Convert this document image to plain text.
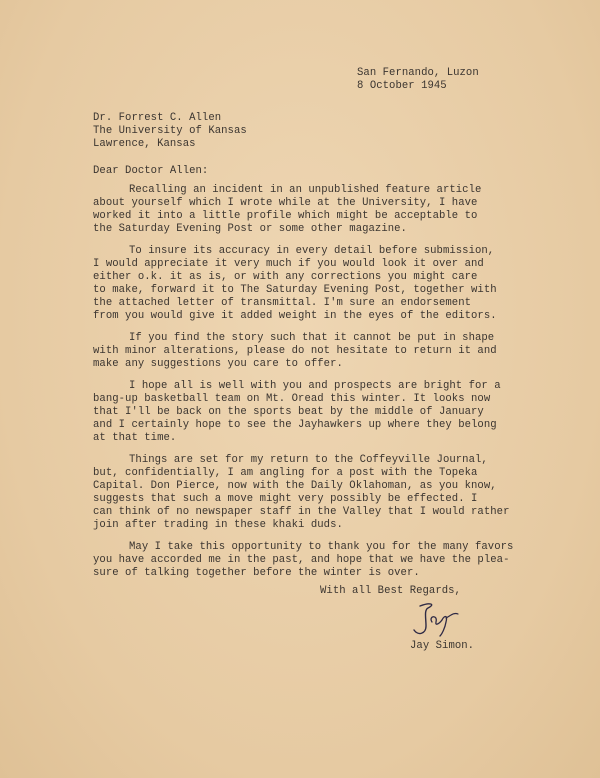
San Fernando, Luzon
8 October 1945
Dr. Forrest C. Allen
The University of Kansas
Lawrence, Kansas
Dear Doctor Allen:
Recalling an incident in an unpublished feature article
about yourself which I wrote while at the University, I have
worked it into a little profile which might be acceptable to
the Saturday Evening Post or some other magazine.
To insure its accuracy in every detail before submission,
I would appreciate it very much if you would look it over and
either o.k. it as is, or with any corrections you might care
to make, forward it to The Saturday Evening Post, together with
the attached letter of transmittal. I'm sure an endorsement
from you would give it added weight in the eyes of the editors.
If you find the story such that it cannot be put in shape
with minor alterations, please do not hesitate to return it and
make any suggestions you care to offer.
I hope all is well with you and prospects are bright for a
bang-up basketball team on Mt. Oread this winter. It looks now
that I'll be back on the sports beat by the middle of January
and I certainly hope to see the Jayhawkers up where they belong
at that time.
Things are set for my return to the Coffeyville Journal,
but, confidentially, I am angling for a post with the Topeka
Capital. Don Pierce, now with the Daily Oklahoman, as you know,
suggests that such a move might very possibly be effected. I
can think of no newspaper staff in the Valley that I would rather
join after trading in these khaki duds.
May I take this opportunity to thank you for the many favors
you have accorded me in the past, and hope that we have the plea-
sure of talking together before the winter is over.
With all Best Regards,
Jay Simon.
